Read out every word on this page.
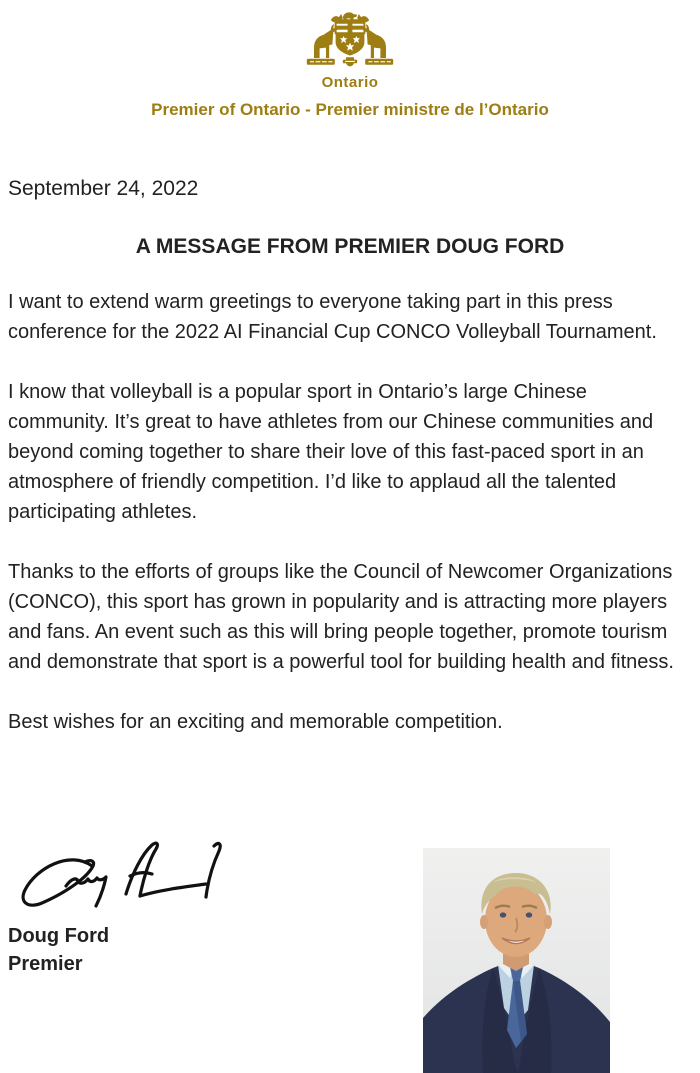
Ontario
Premier of Ontario - Premier ministre de l’Ontario
September 24, 2022
A MESSAGE FROM PREMIER DOUG FORD

I want to extend warm greetings to everyone taking part in this press conference for the 2022 AI Financial Cup CONCO Volleyball Tournament.

I know that volleyball is a popular sport in Ontario’s large Chinese community. It’s great to have athletes from our Chinese communities and beyond coming together to share their love of this fast-paced sport in an atmosphere of friendly competition. I’d like to applaud all the talented participating athletes.

Thanks to the efforts of groups like the Council of Newcomer Organizations (CONCO), this sport has grown in popularity and is attracting more players and fans. An event such as this will bring people together, promote tourism and demonstrate that sport is a powerful tool for building health and fitness.

Best wishes for an exciting and memorable competition.

Doug Ford
Premier
